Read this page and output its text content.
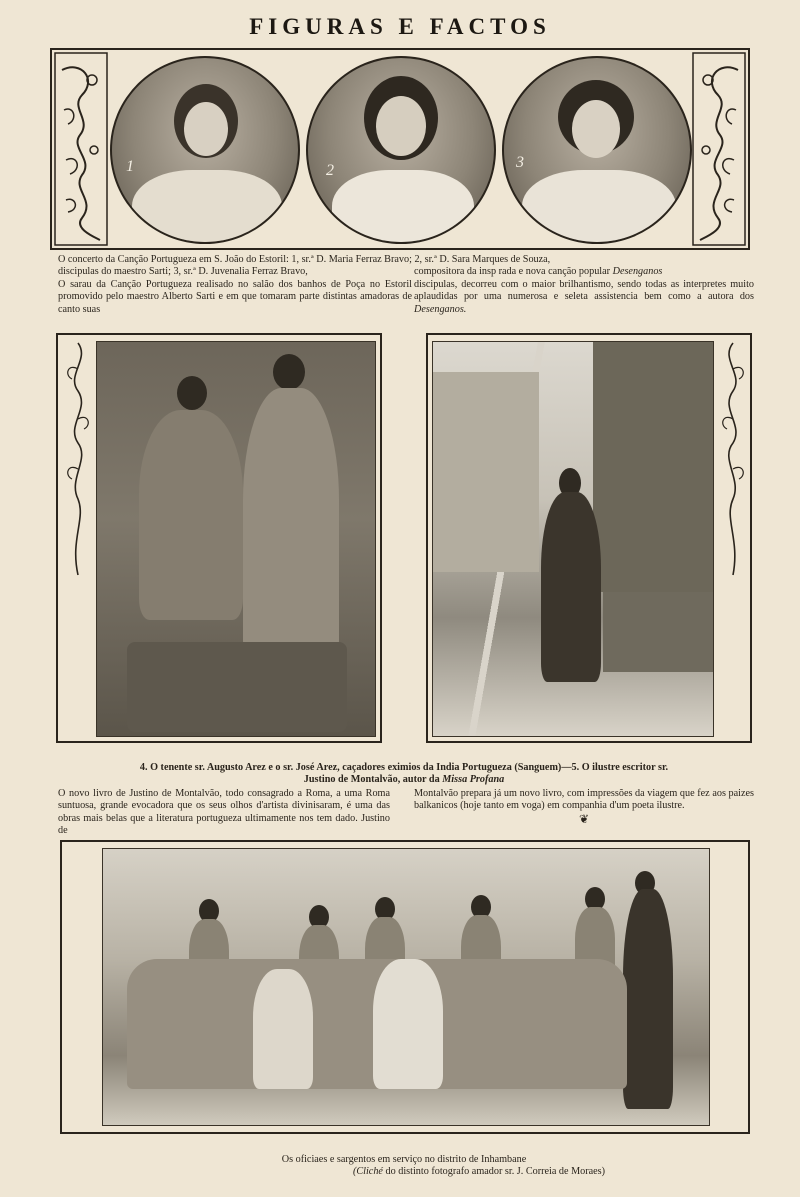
FIGURAS E FACTOS
1	2	3
O concerto da Canção Portugueza em S. João do Estoril: 1, sr.ª D. Maria Ferraz Bravo; 2, sr.ª D. Sara Marques de Souza,
discipulas do maestro Sarti; 3, sr.ª D. Juvenalia Ferraz Bravo,
O sarau da Canção Portugueza realisado no salão dos banhos de Poça no Estoril promovido pelo maestro Alberto Sarti e em que tomaram parte distintas amadoras de canto suas
compositora da insp rada e nova canção popular Desenganos
discipulas, decorreu com o maior brilhantismo, sendo todas as interpretes muito aplaudidas por uma numerosa e seleta assistencia bem como a autora dos Desenganos.
4. O tenente sr. Augusto Arez e o sr. José Arez, caçadores eximios da India Portugueza (Sanguem)—5. O ilustre escritor sr.
Justino de Montalvão, autor da Missa Profana
O novo livro de Justino de Montalvão, todo consagrado a Roma, a uma Roma suntuosa, grande evocadora que os seus olhos d'artista divinisaram, é uma das obras mais belas que a literatura portugueza ultimamente nos tem dado. Justino de
Montalvão prepara já um novo livro, com impressões da viagem que fez aos paizes balkanicos (hoje tanto em voga) em companhia d'um poeta ilustre.
❦
Os oficiaes e sargentos em serviço no distrito de Inhambane
(Cliché do distinto fotografo amador sr. J. Correia de Moraes)
